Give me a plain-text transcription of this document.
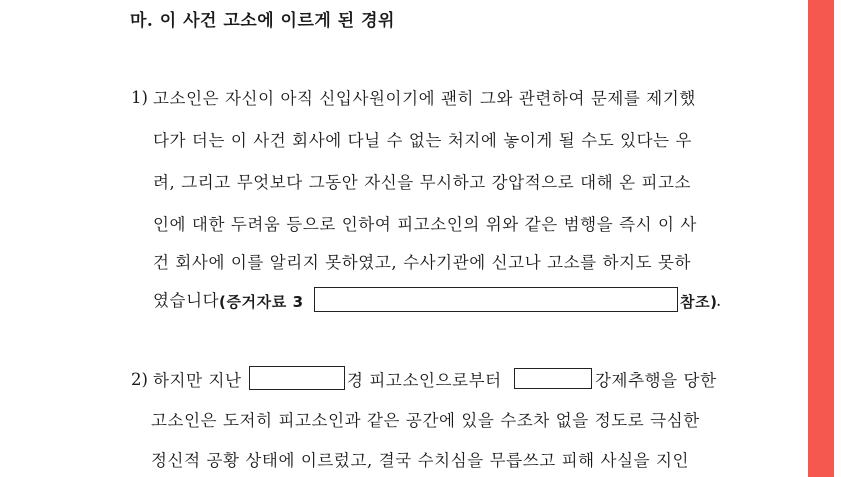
마. 이 사건 고소에 이르게 된 경위
1) 고소인은 자신이 아직 신입사원이기에 괜히 그와 관련하여 문제를 제기했
다가 더는 이 사건 회사에 다닐 수 없는 처지에 놓이게 될 수도 있다는 우
려, 그리고 무엇보다 그동안 자신을 무시하고 강압적으로 대해 온 피고소
인에 대한 두려움 등으로 인하여 피고소인의 위와 같은 범행을 즉시 이 사
건 회사에 이를 알리지 못하였고, 수사기관에 신고나 고소를 하지도 못하
였습니다 (증거자료 3	참조)
.
2) 하지만 지난	경 피고소인으로부터	강제추행을 당한
고소인은 도저히 피고소인과 같은 공간에 있을 수조차 없을 정도로 극심한
정신적 공황 상태에 이르렀고, 결국 수치심을 무릅쓰고 피해 사실을 지인
